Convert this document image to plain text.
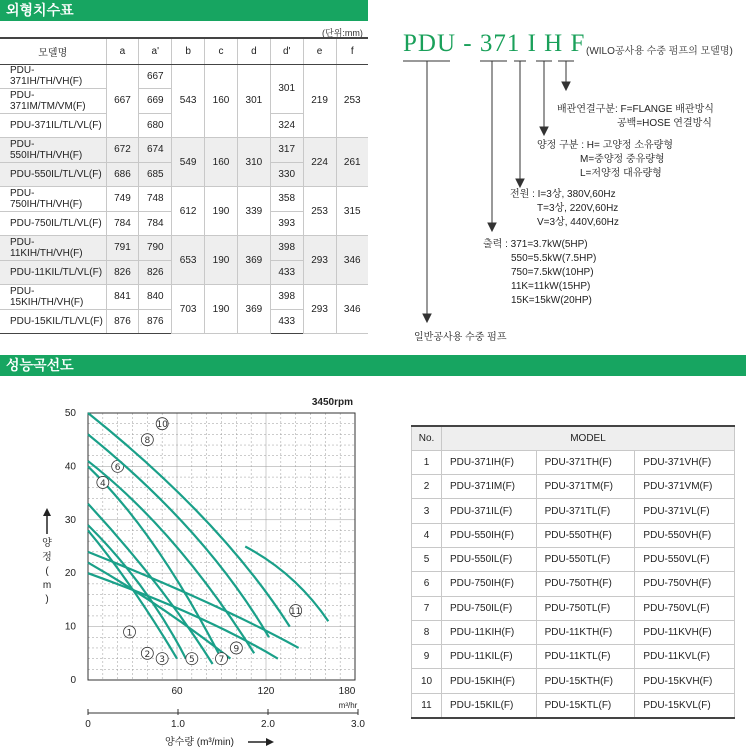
외형치수표
(단위:mm)
모델명	a	a'	b	c	d	d'	e	f
PDU-371IH/TH/VH(F)	667	667	543	160	301	301	219	253
PDU-371IM/TM/VM(F)		669						
PDU-371IL/TL/VL(F)		680				324		
PDU-550IH/TH/VH(F)	672	674	549	160	310	317	224	261
PDU-550IL/TL/VL(F)	686	685				330		
PDU-750IH/TH/VH(F)	749	748	612	190	339	358	253	315
PDU-750IL/TL/VL(F)	784	784				393		
PDU-11KIH/TH/VH(F)	791	790	653	190	369	398	293	346
PDU-11KIL/TL/VL(F)	826	826				433		
PDU-15KIH/TH/VH(F)	841	840	703	190	369	398	293	346
PDU-15KIL/TL/VL(F)	876	876				433		
PDU - 371 I H F (WILO공사용 수중 펌프의 모델명)
배관연결구분: F=FLANGE 배관방식
공백=HOSE 연결방식
양정 구분 : H= 고양정 소유량형
M=중양정 중유량형
L=저양정 대유량형
전원 : I=3상, 380V,60Hz
T=3상, 220V,60Hz
V=3상, 440V,60Hz
출력 : 371=3.7kW(5HP)
550=5.5kW(7.5HP)
750=7.5kW(10HP)
11K=11kW(15HP)
15K=15kW(20HP)
일반공사용 수중 펌프
성능곡선도
0
10
20
30
40
50
60	120	180
m³/hr
0	1.0	2.0	3.0
양수량 (m³/min)
3450rpm
양
정
(
m
)
1
2
3
4
5
6
7
8
9
10
11
No.	MODEL		
1	PDU-371IH(F)	PDU-371TH(F)	PDU-371VH(F)
2	PDU-371IM(F)	PDU-371TM(F)	PDU-371VM(F)
3	PDU-371IL(F)	PDU-371TL(F)	PDU-371VL(F)
4	PDU-550IH(F)	PDU-550TH(F)	PDU-550VH(F)
5	PDU-550IL(F)	PDU-550TL(F)	PDU-550VL(F)
6	PDU-750IH(F)	PDU-750TH(F)	PDU-750VH(F)
7	PDU-750IL(F)	PDU-750TL(F)	PDU-750VL(F)
8	PDU-11KIH(F)	PDU-11KTH(F)	PDU-11KVH(F)
9	PDU-11KIL(F)	PDU-11KTL(F)	PDU-11KVL(F)
10	PDU-15KIH(F)	PDU-15KTH(F)	PDU-15KVH(F)
11	PDU-15KIL(F)	PDU-15KTL(F)	PDU-15KVL(F)
